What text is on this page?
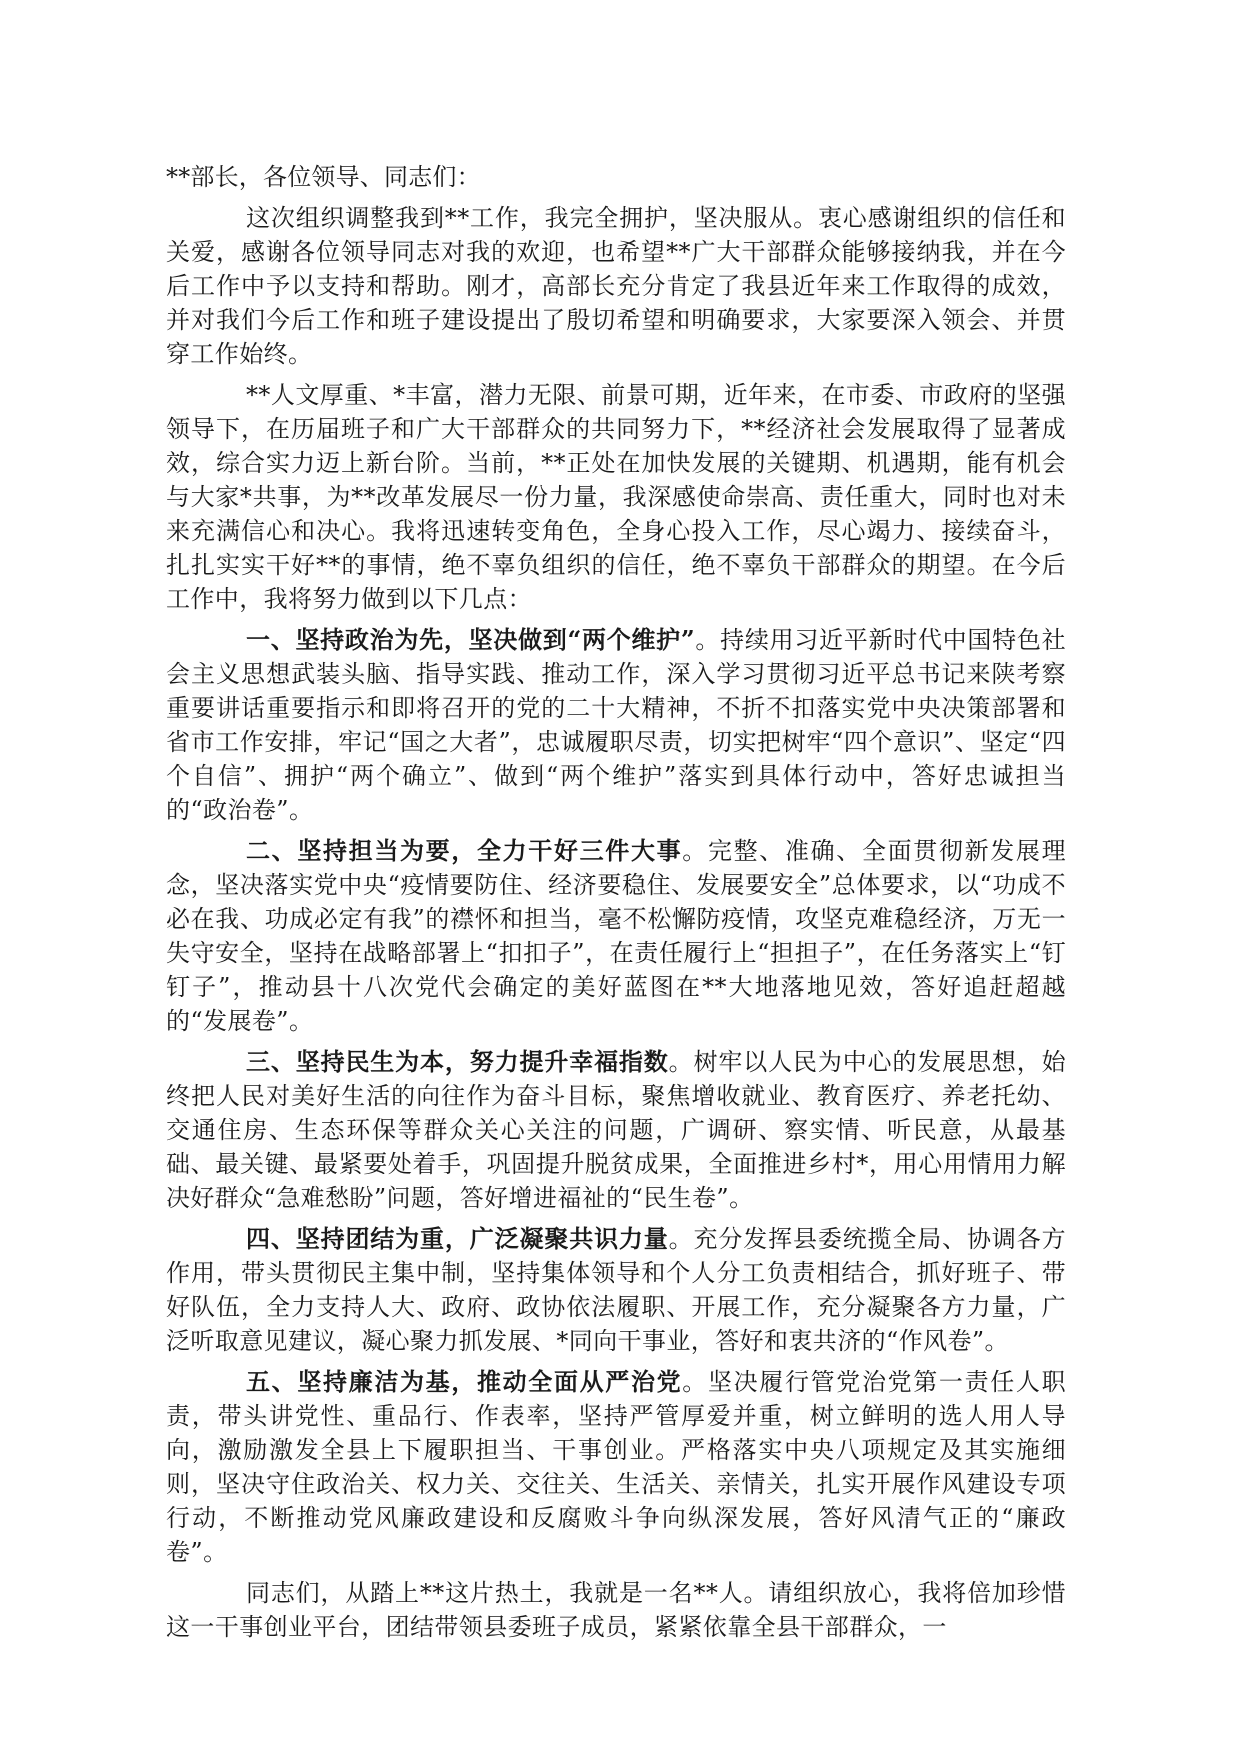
**部长，各位领导、同志们：

这次组织调整我到**工作，我完全拥护，坚决服从。衷心感谢组织的信任和关爱，感谢各位领导同志对我的欢迎，也希望**广大干部群众能够接纳我，并在今后工作中予以支持和帮助。刚才，高部长充分肯定了我县近年来工作取得的成效，并对我们今后工作和班子建设提出了殷切希望和明确要求，大家要深入领会、并贯穿工作始终。

**人文厚重、*丰富，潜力无限、前景可期，近年来，在市委、市政府的坚强领导下，在历届班子和广大干部群众的共同努力下，**经济社会发展取得了显著成效，综合实力迈上新台阶。当前，**正处在加快发展的关键期、机遇期，能有机会与大家*共事，为**改革发展尽一份力量，我深感使命崇高、责任重大，同时也对未来充满信心和决心。我将迅速转变角色，全身心投入工作，尽心竭力、接续奋斗，扎扎实实干好**的事情，绝不辜负组织的信任，绝不辜负干部群众的期望。在今后工作中，我将努力做到以下几点：

一、坚持政治为先，坚决做到“两个维护”。持续用习近平新时代中国特色社会主义思想武装头脑、指导实践、推动工作，深入学习贯彻习近平总书记来陕考察重要讲话重要指示和即将召开的党的二十大精神，不折不扣落实党中央决策部署和省市工作安排，牢记“国之大者”，忠诚履职尽责，切实把树牢“四个意识”、坚定“四个自信”、拥护“两个确立”、做到“两个维护”落实到具体行动中，答好忠诚担当的“政治卷”。

二、坚持担当为要，全力干好三件大事。完整、准确、全面贯彻新发展理念，坚决落实党中央“疫情要防住、经济要稳住、发展要安全”总体要求，以“功成不必在我、功成必定有我”的襟怀和担当，毫不松懈防疫情，攻坚克难稳经济，万无一失守安全，坚持在战略部署上“扣扣子”，在责任履行上“担担子”，在任务落实上“钉钉子”，推动县十八次党代会确定的美好蓝图在**大地落地见效，答好追赶超越的“发展卷”。

三、坚持民生为本，努力提升幸福指数。树牢以人民为中心的发展思想，始终把人民对美好生活的向往作为奋斗目标，聚焦增收就业、教育医疗、养老托幼、交通住房、生态环保等群众关心关注的问题，广调研、察实情、听民意，从最基础、最关键、最紧要处着手，巩固提升脱贫成果，全面推进乡村*，用心用情用力解决好群众“急难愁盼”问题，答好增进福祉的“民生卷”。

四、坚持团结为重，广泛凝聚共识力量。充分发挥县委统揽全局、协调各方作用，带头贯彻民主集中制，坚持集体领导和个人分工负责相结合，抓好班子、带好队伍，全力支持人大、政府、政协依法履职、开展工作，充分凝聚各方力量，广泛听取意见建议，凝心聚力抓发展、*同向干事业，答好和衷共济的“作风卷”。

五、坚持廉洁为基，推动全面从严治党。坚决履行管党治党第一责任人职责，带头讲党性、重品行、作表率，坚持严管厚爱并重，树立鲜明的选人用人导向，激励激发全县上下履职担当、干事创业。严格落实中央八项规定及其实施细则，坚决守住政治关、权力关、交往关、生活关、亲情关，扎实开展作风建设专项行动，不断推动党风廉政建设和反腐败斗争向纵深发展，答好风清气正的“廉政卷”。

同志们，从踏上**这片热土，我就是一名**人。请组织放心，我将倍加珍惜这一干事创业平台，团结带领县委班子成员，紧紧依靠全县干部群众，一
